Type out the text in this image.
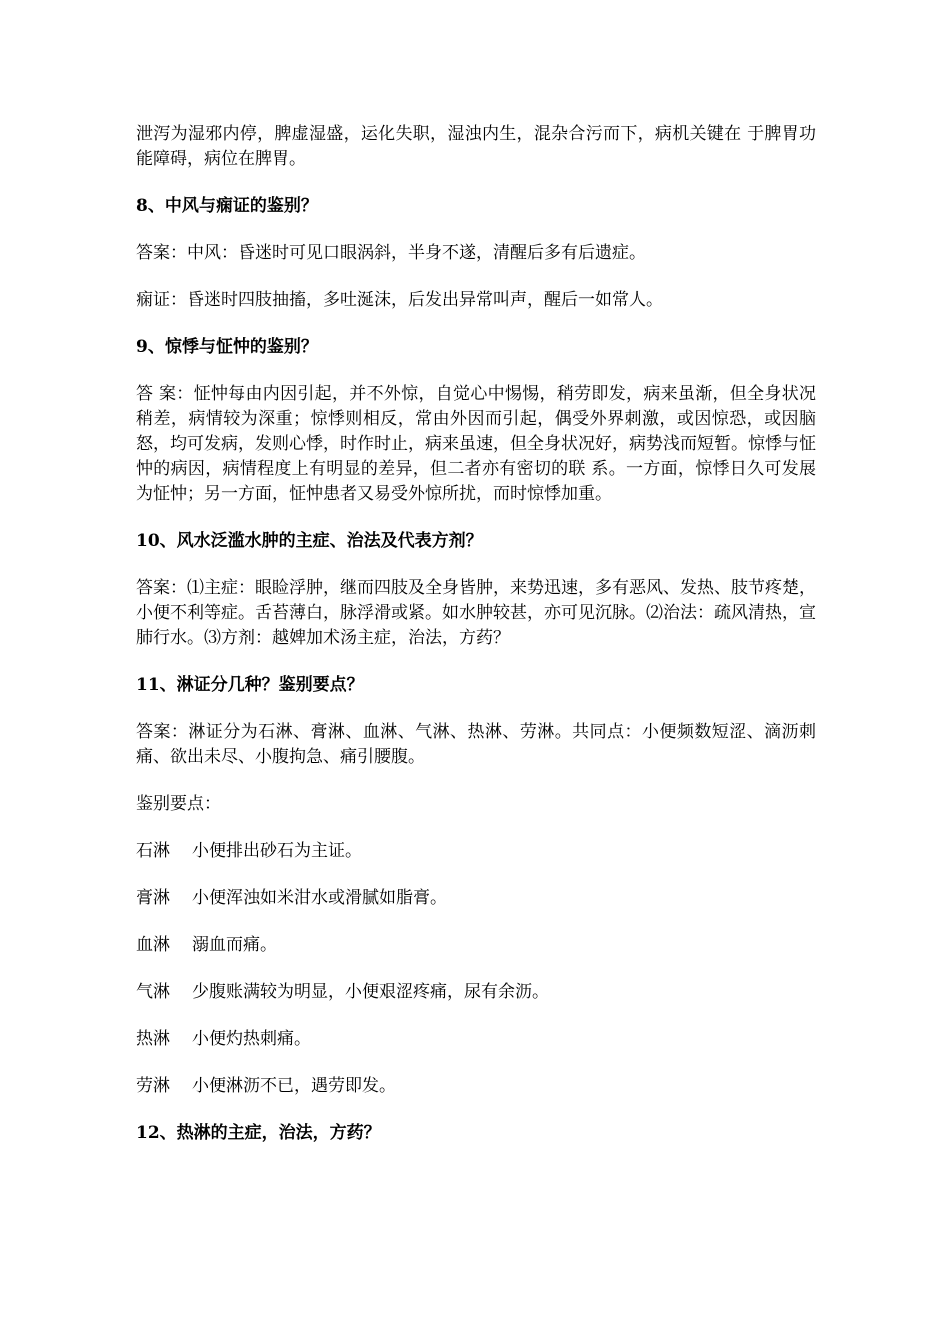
泄泻为湿邪内停，脾虚湿盛，运化失职，湿浊内生，混杂合污而下，病机关键在 于脾胃功能障碍，病位在脾胃。

8、中风与痫证的鉴别？

答案：中风：昏迷时可见口眼涡斜，半身不遂，清醒后多有后遗症。

痫证：昏迷时四肢抽搐，多吐涎沫，后发出异常叫声，醒后一如常人。

9、惊悸与怔忡的鉴别？

答 案：怔忡每由内因引起，并不外惊，自觉心中惕惕，稍劳即发，病来虽渐，但全身状况稍差，病情较为深重；惊悸则相反，常由外因而引起，偶受外界刺激，或因惊恐，或因脑怒，均可发病，发则心悸，时作时止，病来虽速，但全身状况好，病势浅而短暂。惊悸与怔忡的病因，病情程度上有明显的差异，但二者亦有密切的联 系。一方面，惊悸日久可发展为怔忡；另一方面，怔忡患者又易受外惊所扰，而时惊悸加重。

10、风水泛滥水肿的主症、治法及代表方剂？

答案：⑴主症：眼睑浮肿，继而四肢及全身皆肿，来势迅速，多有恶风、发热、肢节疼楚，小便不利等症。舌苔薄白，脉浮滑或紧。如水肿较甚，亦可见沉脉。⑵治法：疏风清热，宣肺行水。⑶方剂：越婢加术汤主症，治法，方药？

11、淋证分几种？鉴别要点？

答案：淋证分为石淋、膏淋、血淋、气淋、热淋、劳淋。共同点：小便频数短涩、滴沥刺痛、欲出未尽、小腹拘急、痛引腰腹。

鉴别要点：

石淋 小便排出砂石为主证。

膏淋 小便浑浊如米泔水或滑腻如脂膏。

血淋 溺血而痛。

气淋 少腹账满较为明显，小便艰涩疼痛，尿有余沥。

热淋 小便灼热刺痛。

劳淋 小便淋沥不已，遇劳即发。

12、热淋的主症，治法，方药？
